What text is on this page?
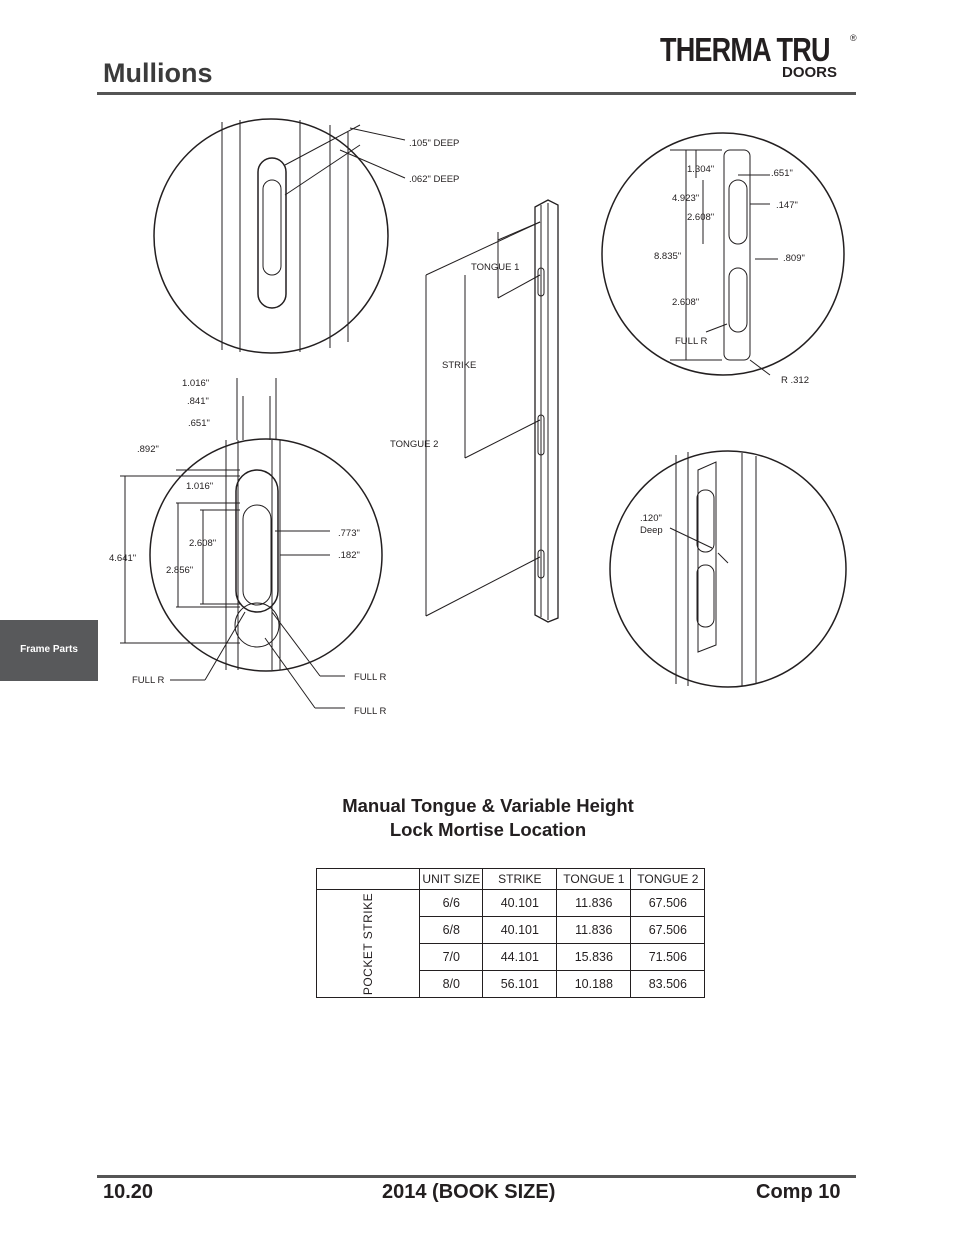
Mullions
THERMA TRU ®
DOORS
Frame Parts
.105" DEEP
.062" DEEP
TONGUE 1
STRIKE
TONGUE 2
1.016"
.841"
.651"
.892"
1.016"
2.608"
4.641"
2.856"
.773"
.182"
FULL R	FULL R
FULL R
1.304"
4.923"
2.608"
8.835"
2.608"
FULL R
.651"
.147"
.809"
R .312
.120"
Deep
Manual Tongue & Variable Height
Lock Mortise Location
	UNIT SIZE	STRIKE	TONGUE 1	TONGUE 2

POCKET STRIKE	6/6	40.101	11.836	67.506
	6/8	40.101	11.836	67.506
	7/0	44.101	15.836	71.506
	8/0	56.101	10.188	83.506
10.20	2014 (BOOK SIZE)	Comp 10
